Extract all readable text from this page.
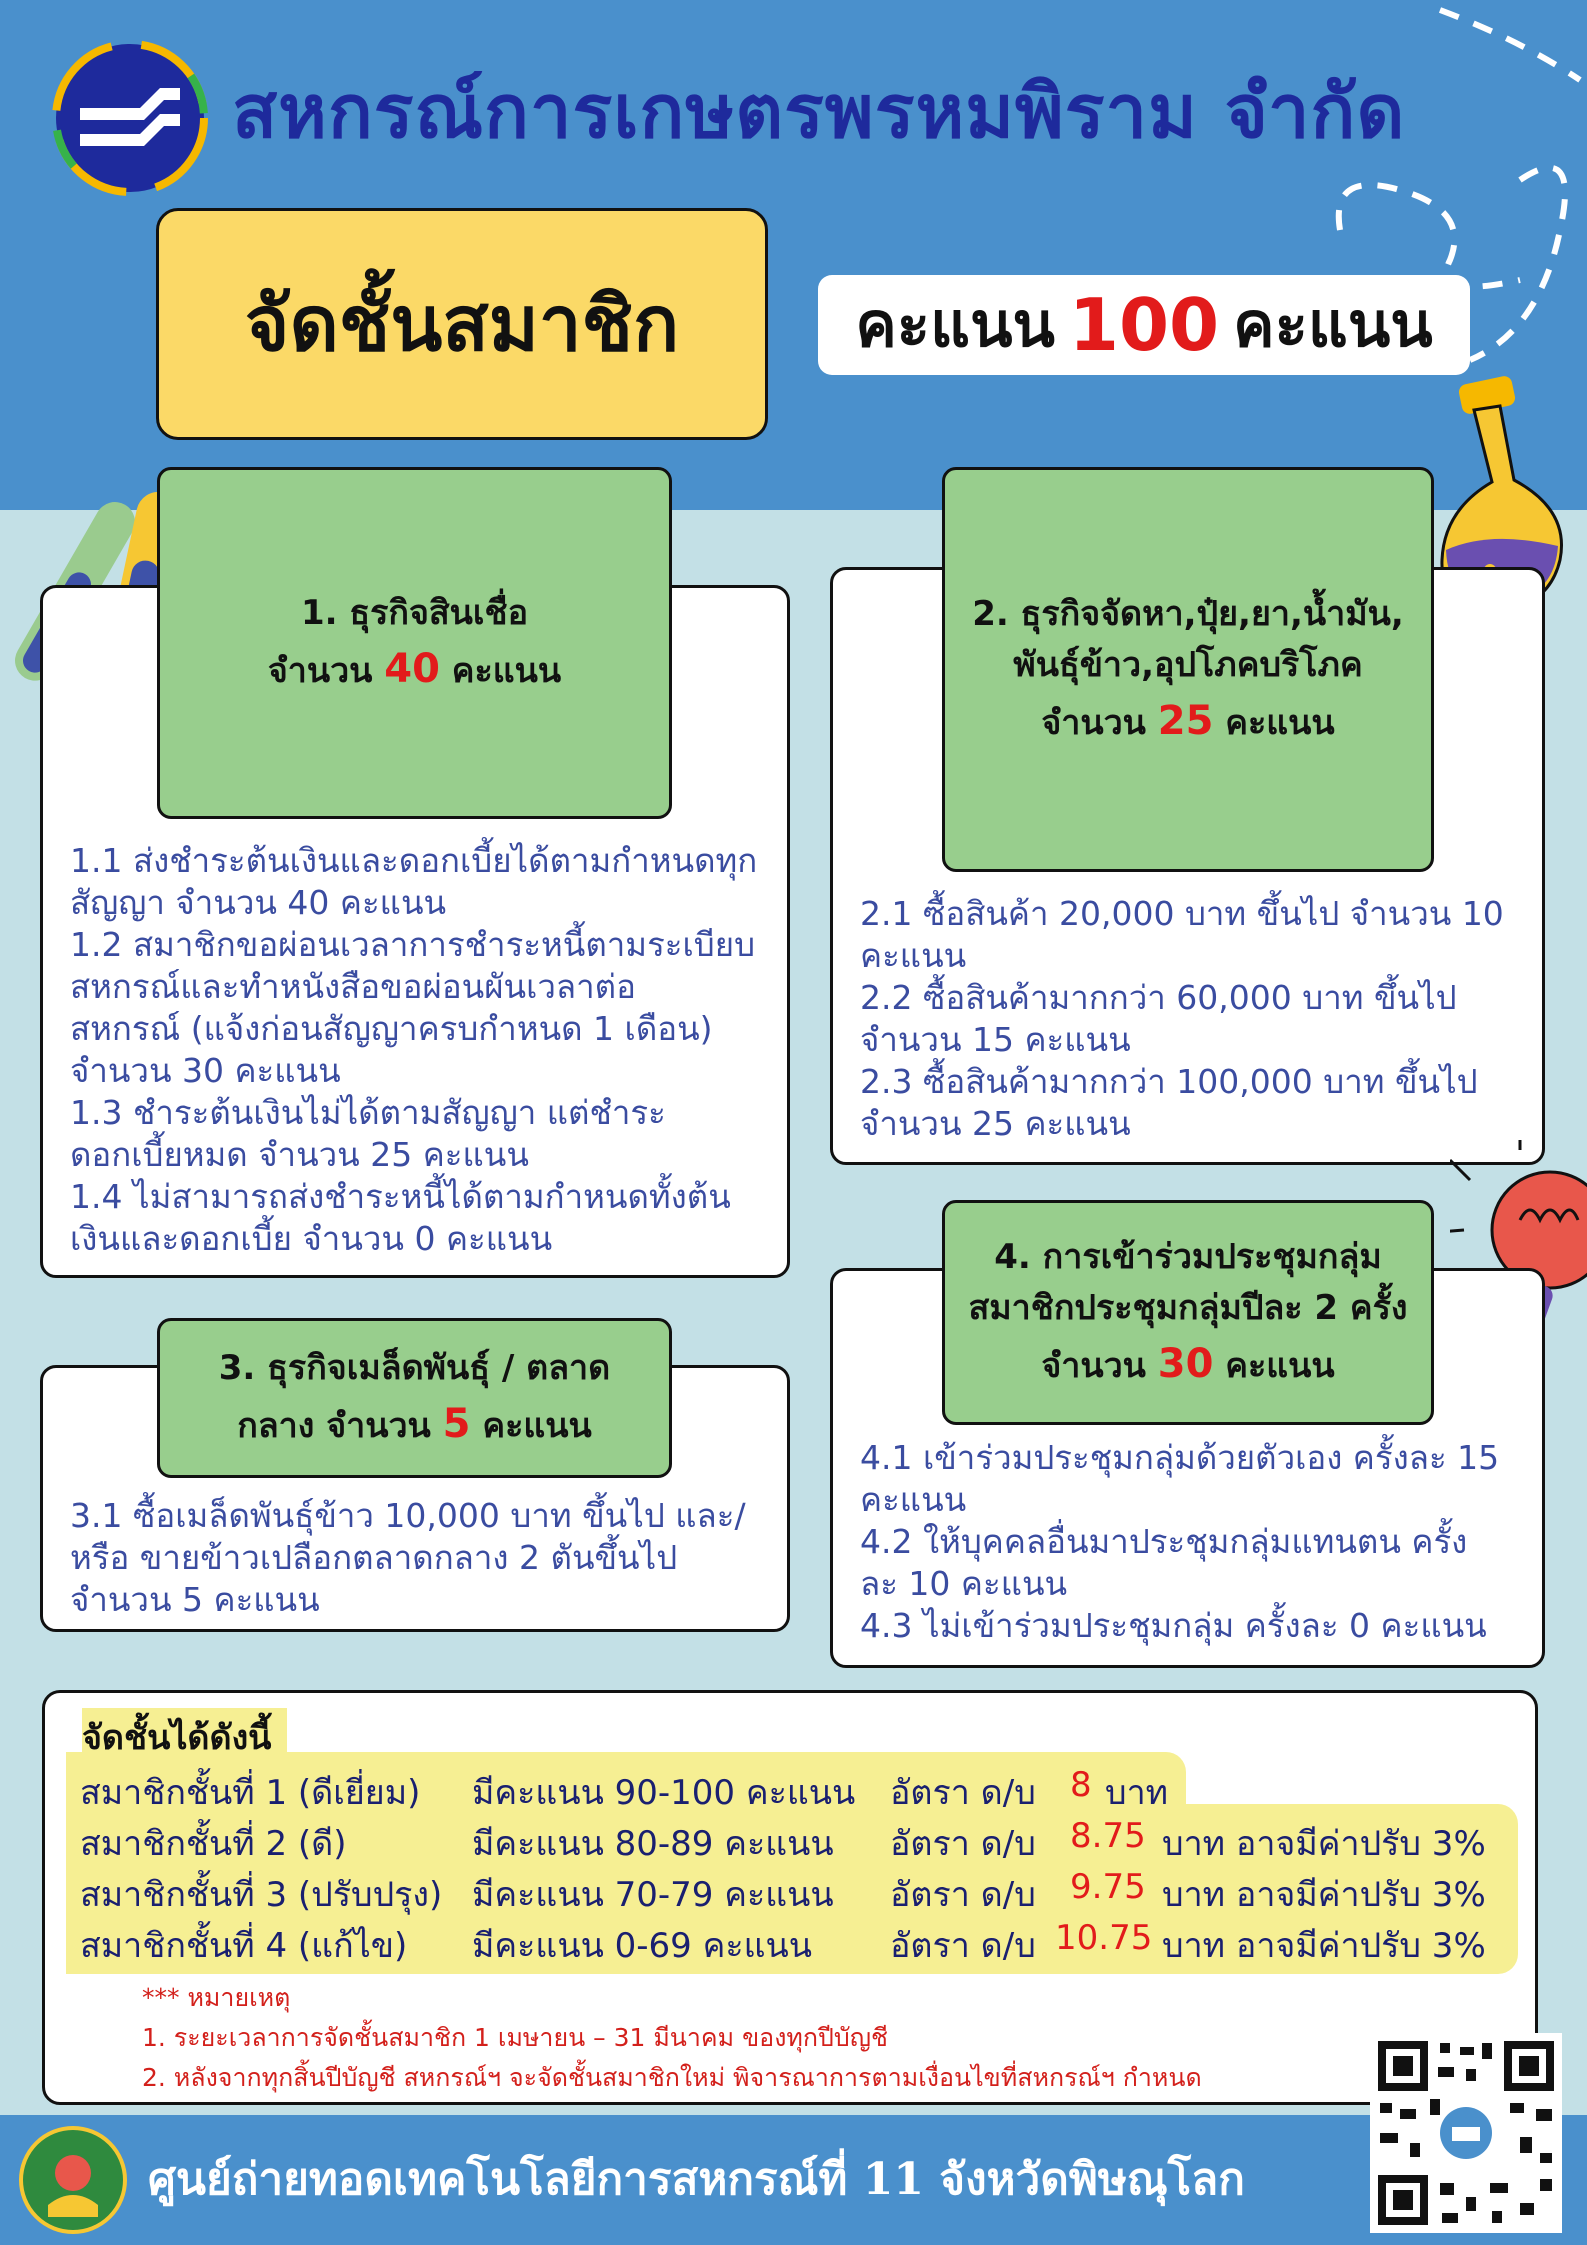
สหกรณ์การเกษตรพรหมพิราม จำกัด
จัดชั้นสมาชิก	คะแนน 100 คะแนน
1. ธุรกิจสินเชื่อ
จำนวน 40 คะแนน
1.1 ส่งชำระต้นเงินและดอกเบี้ยได้ตามกำหนดทุก
สัญญา จำนวน 40 คะแนน
1.2 สมาชิกขอผ่อนเวลาการชำระหนี้ตามระเบียบ
สหกรณ์และทำหนังสือขอผ่อนผันเวลาต่อ
สหกรณ์ (แจ้งก่อนสัญญาครบกำหนด 1 เดือน)
จำนวน 30 คะแนน
1.3 ชำระต้นเงินไม่ได้ตามสัญญา แต่ชำระ
ดอกเบี้ยหมด จำนวน 25 คะแนน
1.4 ไม่สามารถส่งชำระหนี้ได้ตามกำหนดทั้งต้น
เงินและดอกเบี้ย จำนวน 0 คะแนน
2. ธุรกิจจัดหา,ปุ๋ย,ยา,น้ำมัน,
พันธุ์ข้าว,อุปโภคบริโภค
จำนวน 25 คะแนน
2.1 ซื้อสินค้า 20,000 บาท ขึ้นไป จำนวน 10
คะแนน
2.2 ซื้อสินค้ามากกว่า 60,000 บาท ขึ้นไป
จำนวน 15 คะแนน
2.3 ซื้อสินค้ามากกว่า 100,000 บาท ขึ้นไป
จำนวน 25 คะแนน
3. ธุรกิจเมล็ดพันธุ์ / ตลาด
กลาง จำนวน 5 คะแนน
3.1 ซื้อเมล็ดพันธุ์ข้าว 10,000 บาท ขึ้นไป และ/
หรือ ขายข้าวเปลือกตลาดกลาง 2 ตันขึ้นไป
จำนวน 5 คะแนน
4. การเข้าร่วมประชุมกลุ่ม
สมาชิกประชุมกลุ่มปีละ 2 ครั้ง
จำนวน 30 คะแนน
4.1 เข้าร่วมประชุมกลุ่มด้วยตัวเอง ครั้งละ 15
คะแนน
4.2 ให้บุคคลอื่นมาประชุมกลุ่มแทนตน ครั้ง
ละ 10 คะแนน
4.3 ไม่เข้าร่วมประชุมกลุ่ม ครั้งละ 0 คะแนน
จัดชั้นได้ดังนี้
สมาชิกชั้นที่ 1 (ดีเยี่ยม) มีคะแนน 90-100 คะแนน อัตรา ด/บ 8 บาท
สมาชิกชั้นที่ 2 (ดี)	มีคะแนน 80-89 คะแนน อัตรา ด/บ 8.75 บาท อาจมีค่าปรับ 3%
สมาชิกชั้นที่ 3 (ปรับปรุง) มีคะแนน 70-79 คะแนน อัตรา ด/บ 9.75 บาท อาจมีค่าปรับ 3%
สมาชิกชั้นที่ 4 (แก้ไข) มีคะแนน 0-69 คะแนน อัตรา ด/บ 10.75 บาท อาจมีค่าปรับ 3%
*** หมายเหตุ
1. ระยะเวลาการจัดชั้นสมาชิก 1 เมษายน – 31 มีนาคม ของทุกปีบัญชี
2. หลังจากทุกสิ้นปีบัญชี สหกรณ์ฯ จะจัดชั้นสมาชิกใหม่ พิจารณาการตามเงื่อนไขที่สหกรณ์ฯ กำหนด
ศูนย์ถ่ายทอดเทคโนโลยีการสหกรณ์ที่ 11 จังหวัดพิษณุโลก
